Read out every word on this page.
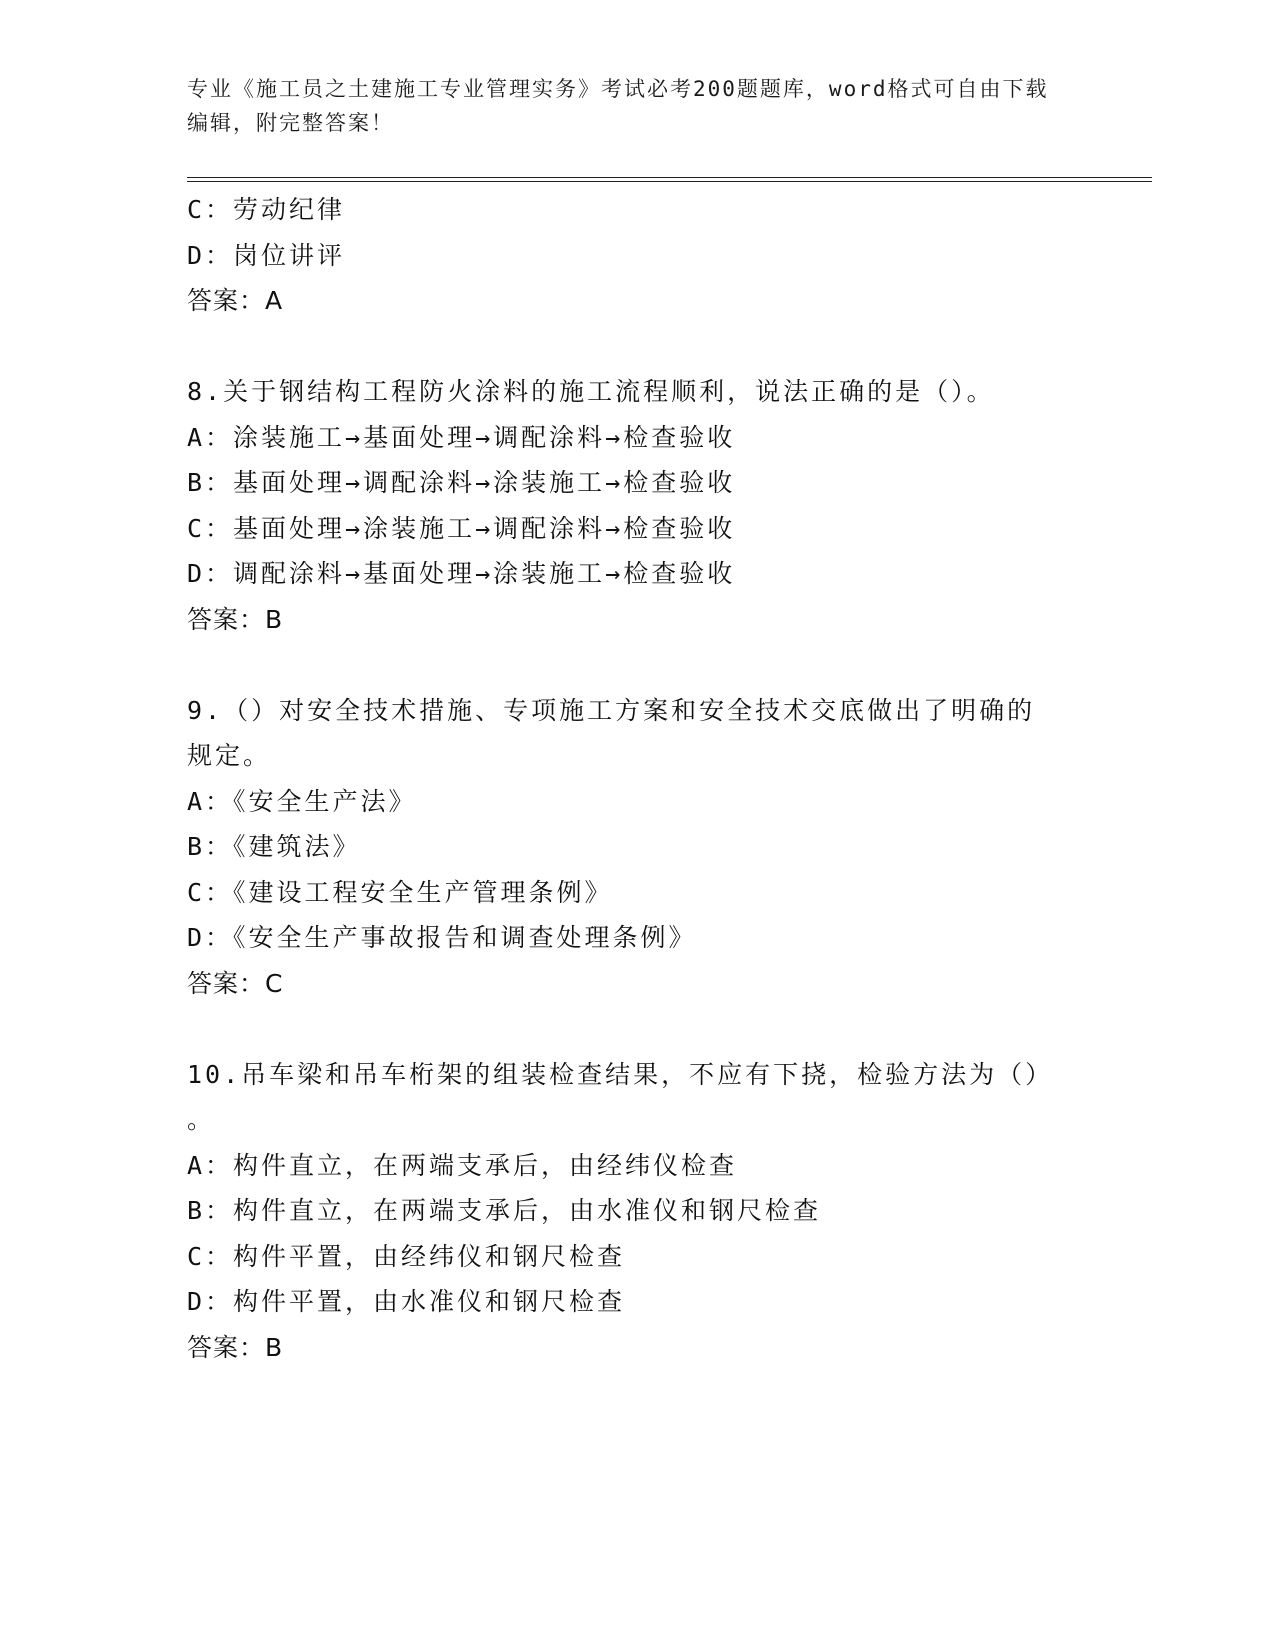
专业《施工员之土建施工专业管理实务》考试必考200题题库，word格式可自由下载编辑，附完整答案！
C：劳动纪律
D：岗位讲评
答案：A
8.关于钢结构工程防火涂料的施工流程顺利，说法正确的是（）。
A：涂装施工→基面处理→调配涂料→检查验收
B：基面处理→调配涂料→涂装施工→检查验收
C：基面处理→涂装施工→调配涂料→检查验收
D：调配涂料→基面处理→涂装施工→检查验收
答案：B
9.（）对安全技术措施、专项施工方案和安全技术交底做出了明确的
规定。
A：《安全生产法》
B：《建筑法》
C：《建设工程安全生产管理条例》
D：《安全生产事故报告和调查处理条例》
答案：C
10.吊车梁和吊车桁架的组装检查结果，不应有下挠，检验方法为（）
。
A：构件直立，在两端支承后，由经纬仪检查
B：构件直立，在两端支承后，由水准仪和钢尺检查
C：构件平置，由经纬仪和钢尺检查
D：构件平置，由水准仪和钢尺检查
答案：B
